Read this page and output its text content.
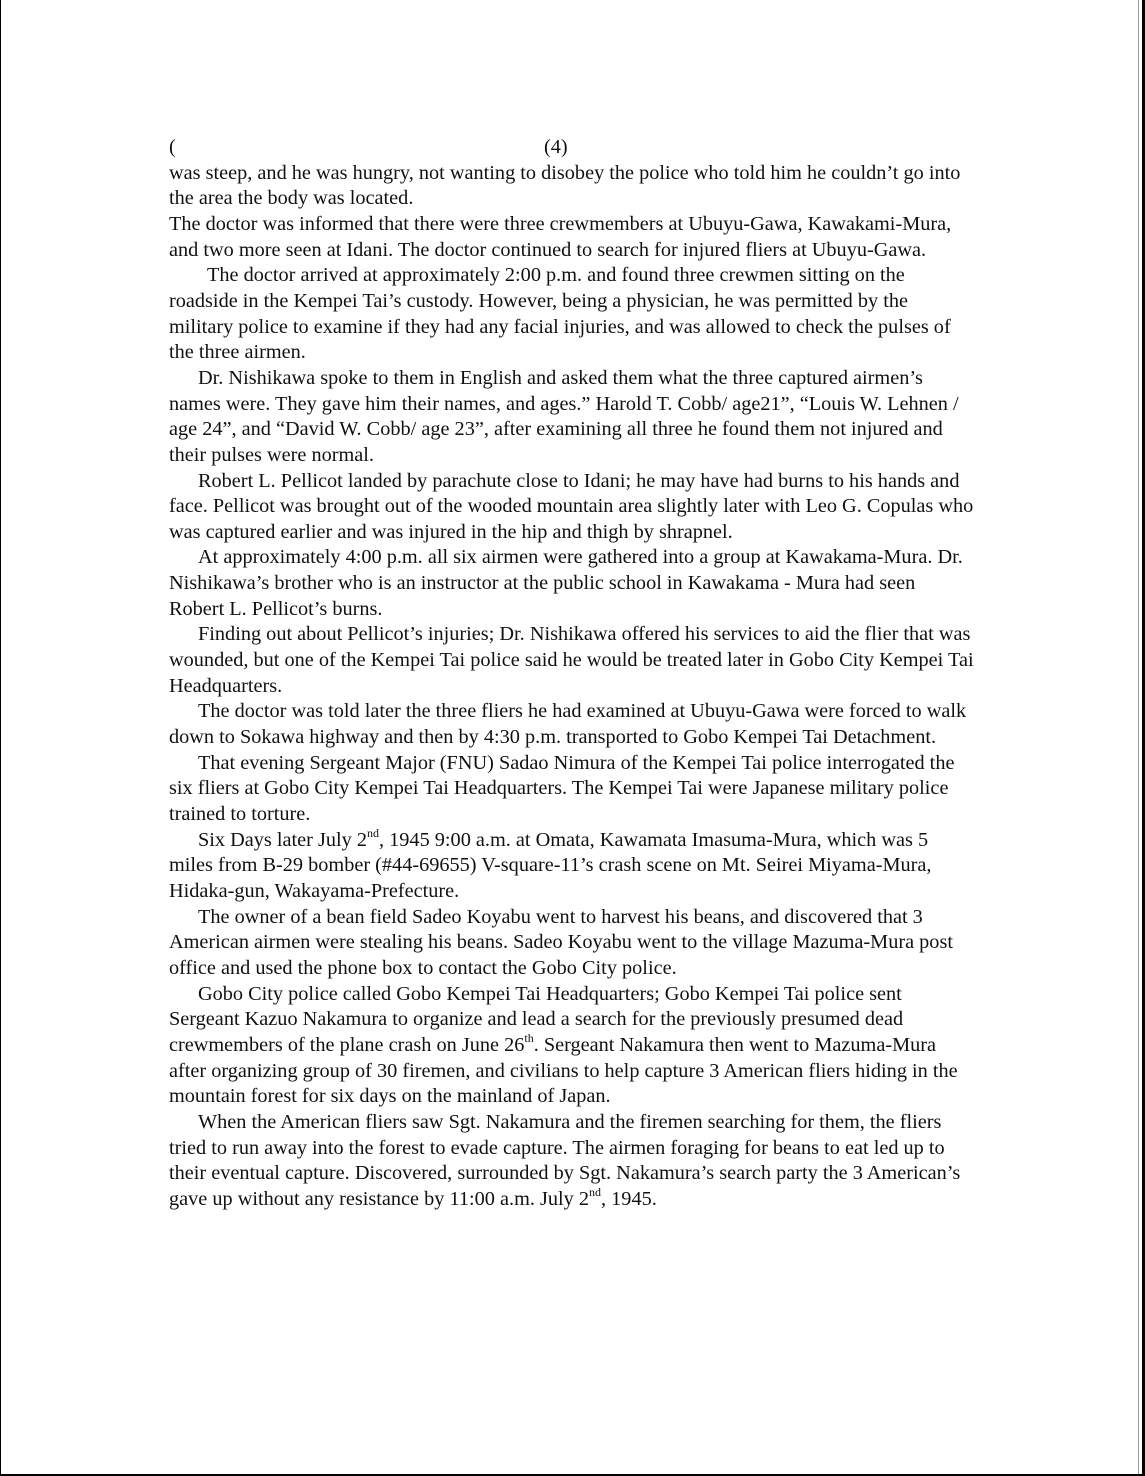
(	(4)

was steep, and he was hungry, not wanting to disobey the police who told him he couldn’t go into the area the body was located.

The doctor was informed that there were three crewmembers at Ubuyu-Gawa, Kawakami-Mura, and two more seen at Idani. The doctor continued to search for injured fliers at Ubuyu-Gawa.

The doctor arrived at approximately 2:00 p.m. and found three crewmen sitting on the roadside in the Kempei Tai’s custody. However, being a physician, he was permitted by the military police to examine if they had any facial injuries, and was allowed to check the pulses of the three airmen.

Dr. Nishikawa spoke to them in English and asked them what the three captured airmen’s names were. They gave him their names, and ages.” Harold T. Cobb/ age21”, “Louis W. Lehnen / age 24”, and “David W. Cobb/ age 23”, after examining all three he found them not injured and their pulses were normal.

Robert L. Pellicot landed by parachute close to Idani; he may have had burns to his hands and face. Pellicot was brought out of the wooded mountain area slightly later with Leo G. Copulas who was captured earlier and was injured in the hip and thigh by shrapnel.

At approximately 4:00 p.m. all six airmen were gathered into a group at Kawakama-Mura. Dr. Nishikawa’s brother who is an instructor at the public school in Kawakama - Mura had seen Robert L. Pellicot’s burns.

Finding out about Pellicot’s injuries; Dr. Nishikawa offered his services to aid the flier that was wounded, but one of the Kempei Tai police said he would be treated later in Gobo City Kempei Tai Headquarters.

The doctor was told later the three fliers he had examined at Ubuyu-Gawa were forced to walk down to Sokawa highway and then by 4:30 p.m. transported to Gobo Kempei Tai Detachment.

That evening Sergeant Major (FNU) Sadao Nimura of the Kempei Tai police interrogated the six fliers at Gobo City Kempei Tai Headquarters. The Kempei Tai were Japanese military police trained to torture.

Six Days later July 2nd, 1945 9:00 a.m. at Omata, Kawamata Imasuma-Mura, which was 5 miles from B-29 bomber (#44-69655) V-square-11’s crash scene on Mt. Seirei Miyama-Mura, Hidaka-gun, Wakayama-Prefecture.

The owner of a bean field Sadeo Koyabu went to harvest his beans, and discovered that 3 American airmen were stealing his beans. Sadeo Koyabu went to the village Mazuma-Mura post office and used the phone box to contact the Gobo City police.

Gobo City police called Gobo Kempei Tai Headquarters; Gobo Kempei Tai police sent Sergeant Kazuo Nakamura to organize and lead a search for the previously presumed dead crewmembers of the plane crash on June 26th. Sergeant Nakamura then went to Mazuma-Mura after organizing group of 30 firemen, and civilians to help capture 3 American fliers hiding in the mountain forest for six days on the mainland of Japan.

When the American fliers saw Sgt. Nakamura and the firemen searching for them, the fliers tried to run away into the forest to evade capture. The airmen foraging for beans to eat led up to their eventual capture. Discovered, surrounded by Sgt. Nakamura’s search party the 3 American’s gave up without any resistance by 11:00 a.m. July 2nd, 1945.
